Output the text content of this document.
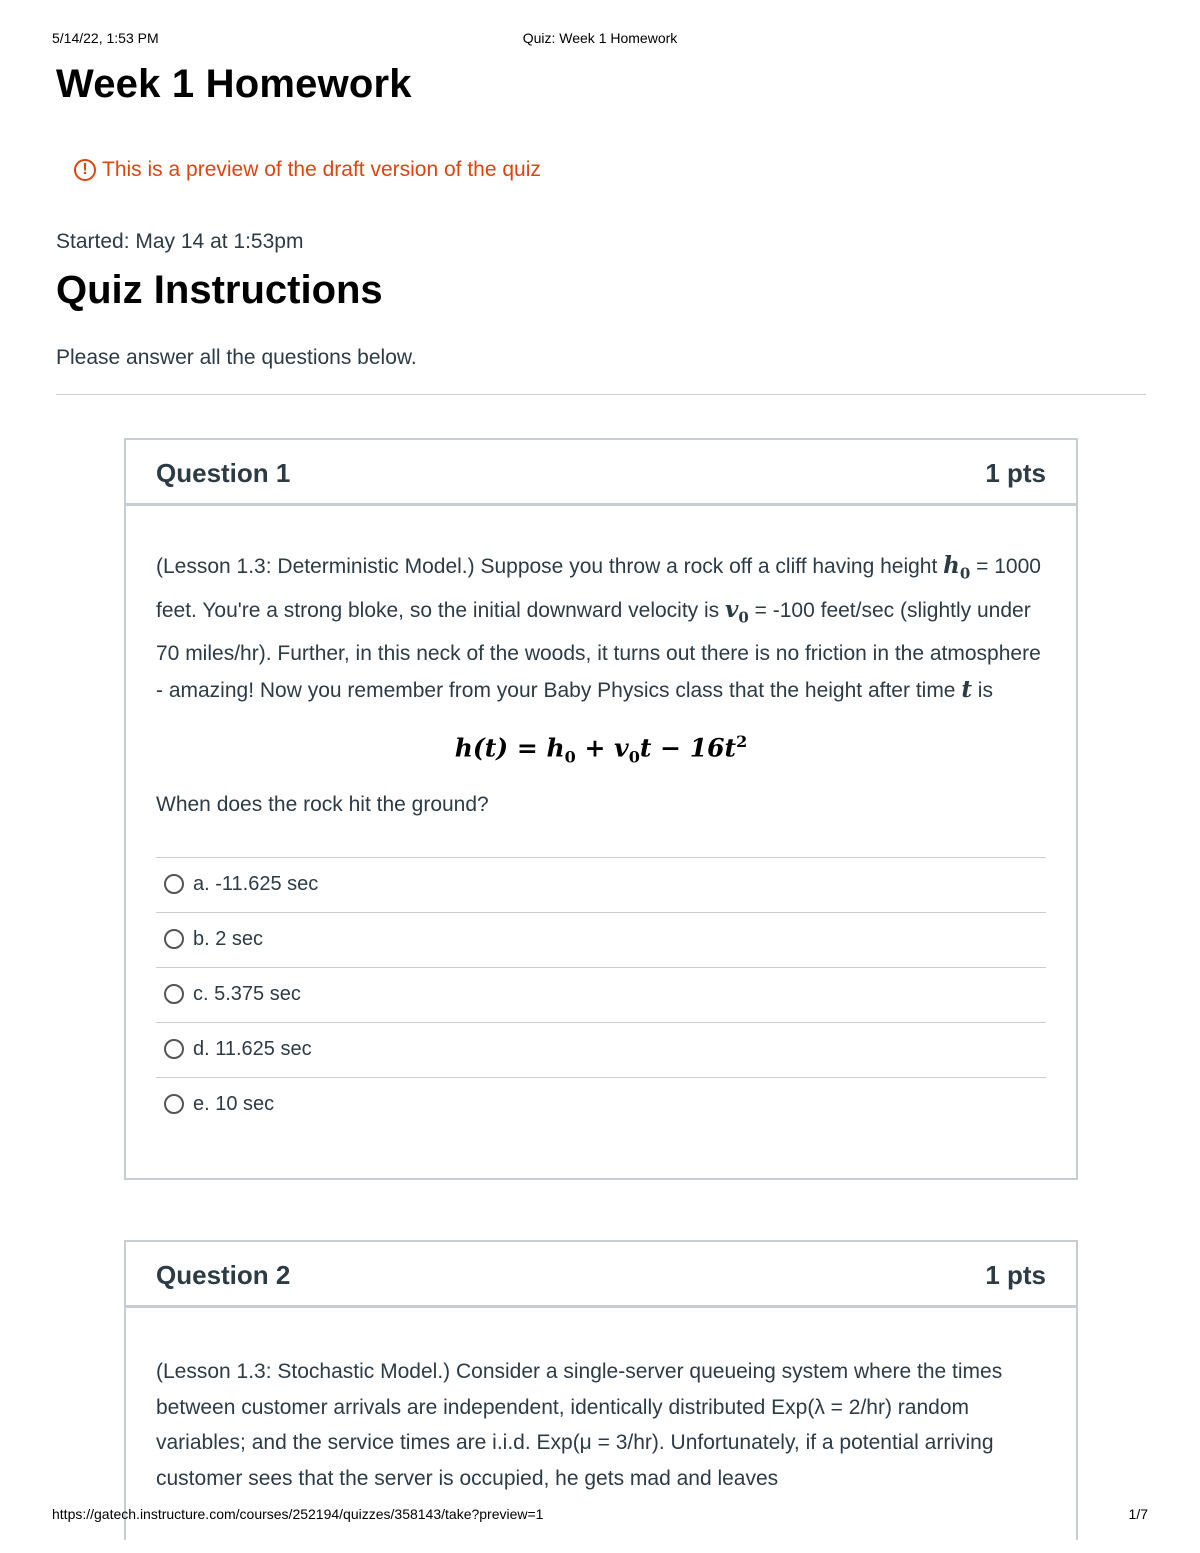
5/14/22, 1:53 PM	Quiz: Week 1 Homework
Week 1 Homework
! This is a preview of the draft version of the quiz
Started: May 14 at 1:53pm
Quiz Instructions
Please answer all the questions below.
Question 1	1 pts

(Lesson 1.3: Deterministic Model.) Suppose you throw a rock off a cliff having height $h_0 = 1000$ feet. You're a strong bloke, so the initial downward velocity is $v_0 = -100$ feet/sec (slightly under 70 miles/hr). Further, in this neck of the woods, it turns out there is no friction in the atmosphere - amazing! Now you remember from your Baby Physics class that the height after time t is

$h(t) = h_0 + v_0t - 16t^2$

When does the rock hit the ground?

a. -11.625 sec
b. 2 sec
c. 5.375 sec
d. 11.625 sec
e. 10 sec
Question 2	1 pts

(Lesson 1.3: Stochastic Model.) Consider a single-server queueing system where the times between customer arrivals are independent, identically distributed Exp(λ = 2/hr) random variables; and the service times are i.i.d. Exp(μ = 3/hr). Unfortunately, if a potential arriving customer sees that the server is occupied, he gets mad and leaves

https://gatech.instructure.com/courses/252194/quizzes/358143/take?preview=1	1/7
